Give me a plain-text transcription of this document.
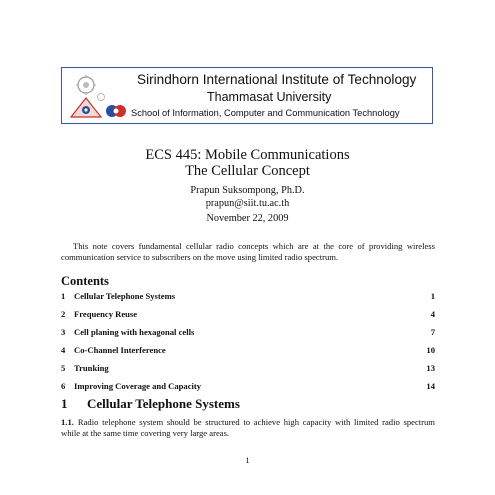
Sirindhorn International Institute of Technology
Thammasat University
School of Information, Computer and Communication Technology
ECS 445: Mobile Communications
The Cellular Concept
Prapun Suksompong, Ph.D.
prapun@siit.tu.ac.th
November 22, 2009
This note covers fundamental cellular radio concepts which are at the core of providing wireless communication service to subscribers on the move using limited radio spectrum.
Contents
1 Cellular Telephone Systems	1
2 Frequency Reuse	4
3 Cell planing with hexagonal cells	7
4 Co-Channel Interference	10
5 Trunking	13
6 Improving Coverage and Capacity	14
1 Cellular Telephone Systems
1.1. Radio telephone system should be structured to achieve high capacity with limited radio spectrum while at the same time covering very large areas.
1
